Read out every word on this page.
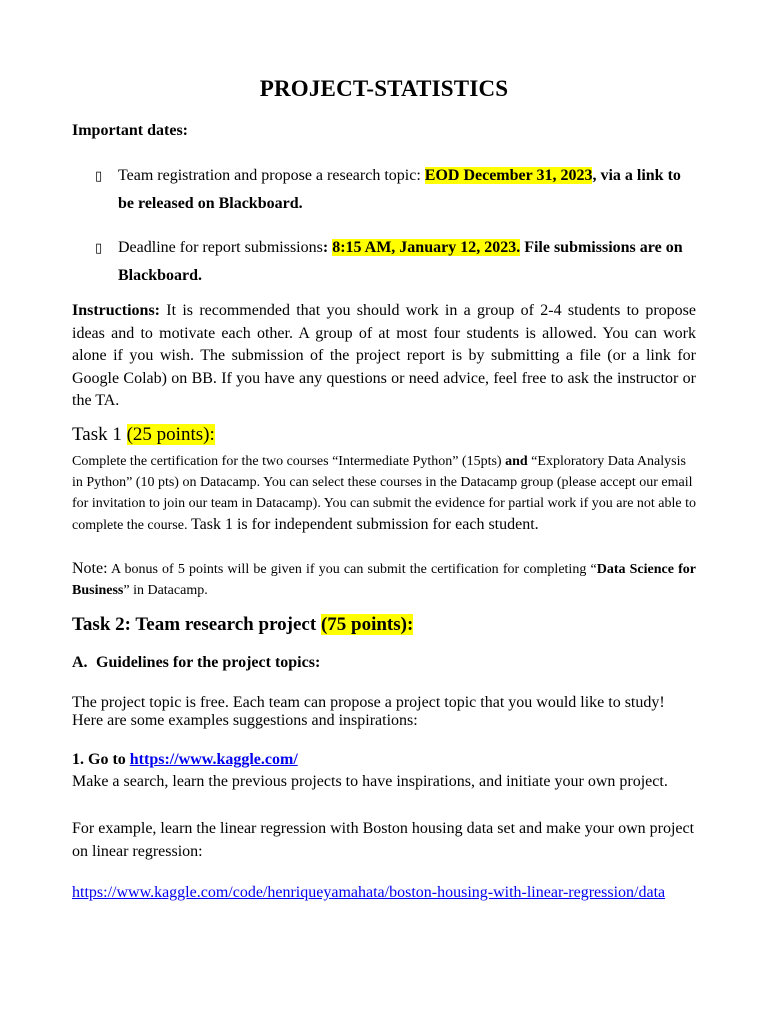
PROJECT-STATISTICS
Important dates:
▯ Team registration and propose a research topic: EOD December 31, 2023, via a link to be released on Blackboard.
▯ Deadline for report submissions: 8:15 AM, January 12, 2023. File submissions are on Blackboard.
Instructions: It is recommended that you should work in a group of 2-4 students to propose ideas and to motivate each other. A group of at most four students is allowed. You can work alone if you wish. The submission of the project report is by submitting a file (or a link for Google Colab) on BB. If you have any questions or need advice, feel free to ask the instructor or the TA.
Task 1 (25 points):
Complete the certification for the two courses “Intermediate Python” (15pts) and “Exploratory Data Analysis in Python” (10 pts) on Datacamp. You can select these courses in the Datacamp group (please accept our email for invitation to join our team in Datacamp). You can submit the evidence for partial work if you are not able to complete the course. Task 1 is for independent submission for each student.
Note: A bonus of 5 points will be given if you can submit the certification for completing “Data Science for Business” in Datacamp.
Task 2: Team research project (75 points):
A. Guidelines for the project topics:
The project topic is free. Each team can propose a project topic that you would like to study! Here are some examples suggestions and inspirations:
1. Go to https://www.kaggle.com/
Make a search, learn the previous projects to have inspirations, and initiate your own project.
For example, learn the linear regression with Boston housing data set and make your own project on linear regression:
https://www.kaggle.com/code/henriqueyamahata/boston-housing-with-linear-regression/data
